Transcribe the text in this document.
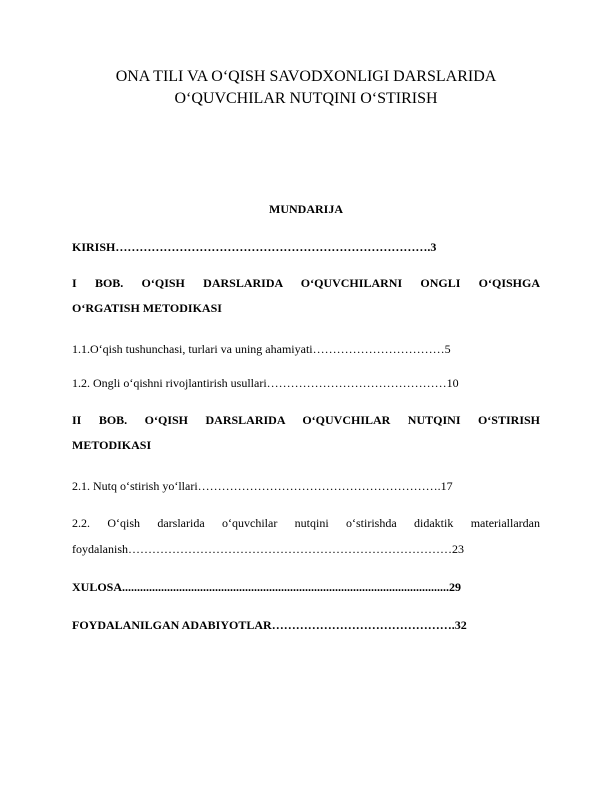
ONA TILI VA O‘QISH SAVODXONLIGI DARSLARIDA
O‘QUVCHILAR NUTQINI O‘STIRISH
MUNDARIJA
KIRISH…………………………………………………………………….3
I BOB. O‘QISH DARSLARIDA O‘QUVCHILARNI ONGLI O‘QISHGA
O‘RGATISH METODIKASI
1.1.O‘qish tushunchasi, turlari va uning ahamiyati……………………………5
1.2. Ongli o‘qishni rivojlantirish usullari………………………………………10
II BOB. O‘QISH DARSLARIDA O‘QUVCHILAR NUTQINI O‘STIRISH
METODIKASI
2.1. Nutq o‘stirish yo‘llari…………………………………………………….17
2.2. O‘qish darslarida o‘quvchilar nutqini o‘stirishda didaktik materiallardan
foydalanish………………………………………………………………………23
XULOSA.............................................................................................................29
FOYDALANILGAN ADABIYOTLAR……………………………………….32
